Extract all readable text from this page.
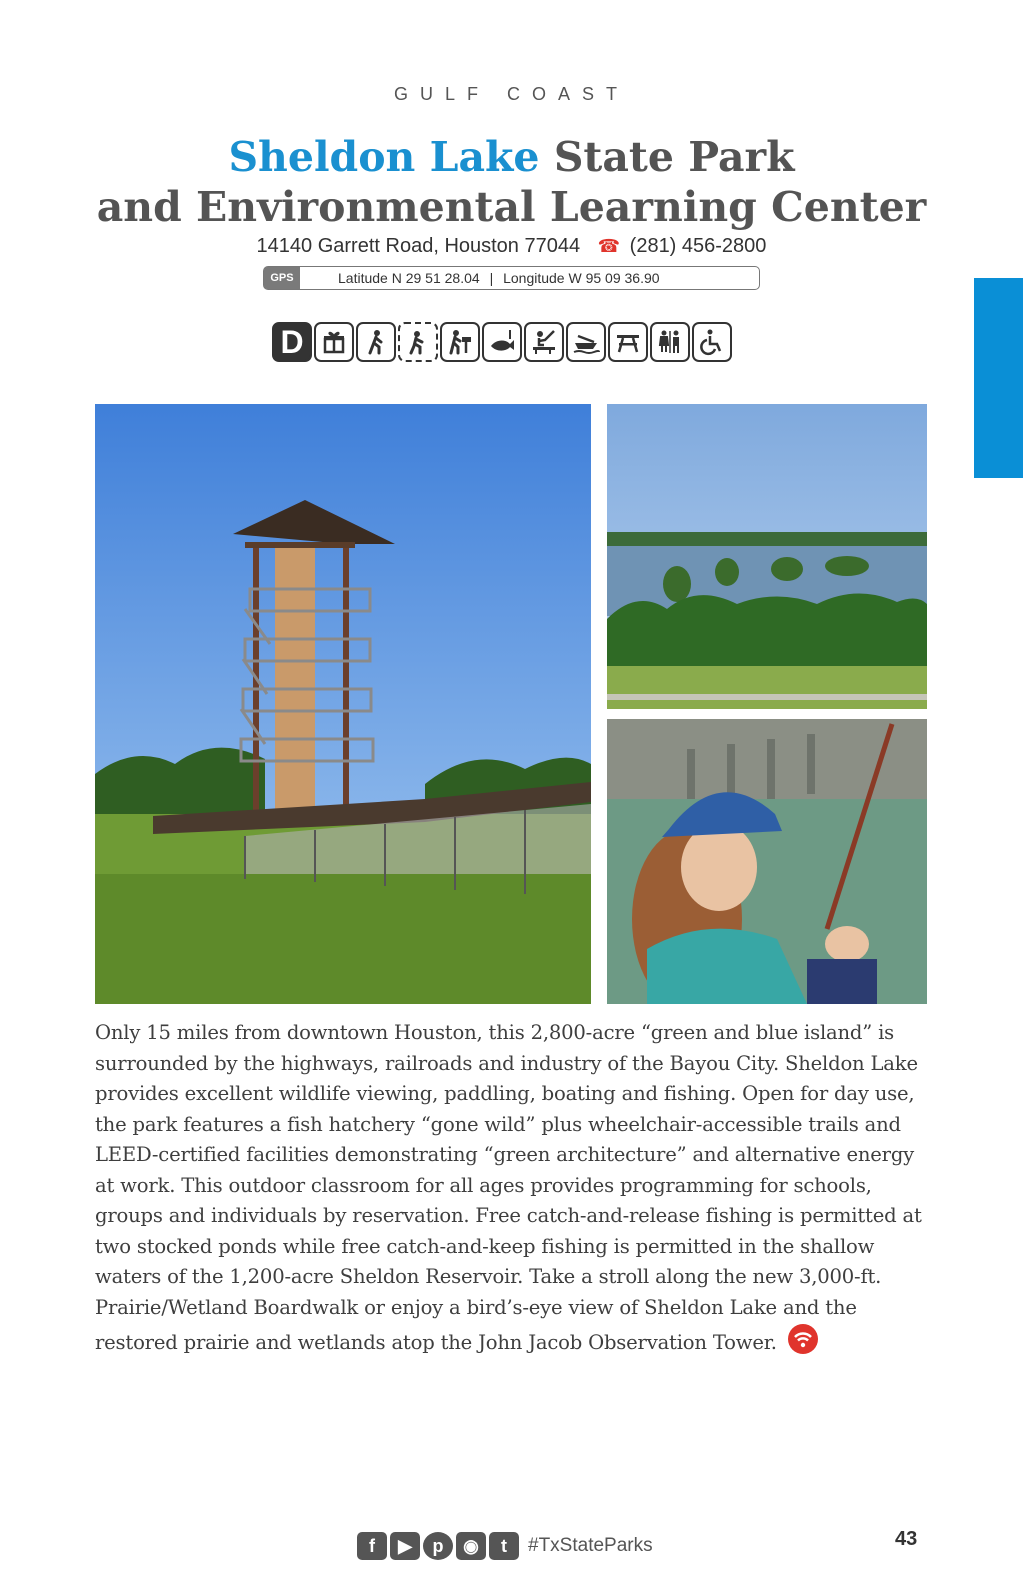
GULF COAST
Sheldon Lake State Park
and Environmental Learning Center
14140 Garrett Road, Houston 77044 ☎ (281) 456-2800
GPS	Latitude N 29 51 28.04 | Longitude W 95 09 36.90
D
Only 15 miles from downtown Houston, this 2,800-acre “green and blue island” is surrounded by the highways, railroads and industry of the Bayou City. Sheldon Lake provides excellent wildlife viewing, paddling, boating and fishing. Open for day use, the park features a fish hatchery “gone wild” plus wheelchair-accessible trails and LEED-certified facilities demonstrating “green architecture” and alternative energy at work. This outdoor classroom for all ages provides programming for schools, groups and individuals by reservation. Free catch-and-release fishing is permitted at two stocked ponds while free catch-and-keep fishing is permitted in the shallow waters of the 1,200-acre Sheldon Reservoir. Take a stroll along the new 3,000-ft. Prairie/Wetland Boardwalk or enjoy a bird’s-eye view of Sheldon Lake and the restored prairie and wetlands atop the John Jacob Observation Tower.
f	▶	p	◉	t	#TxStateParks	43
